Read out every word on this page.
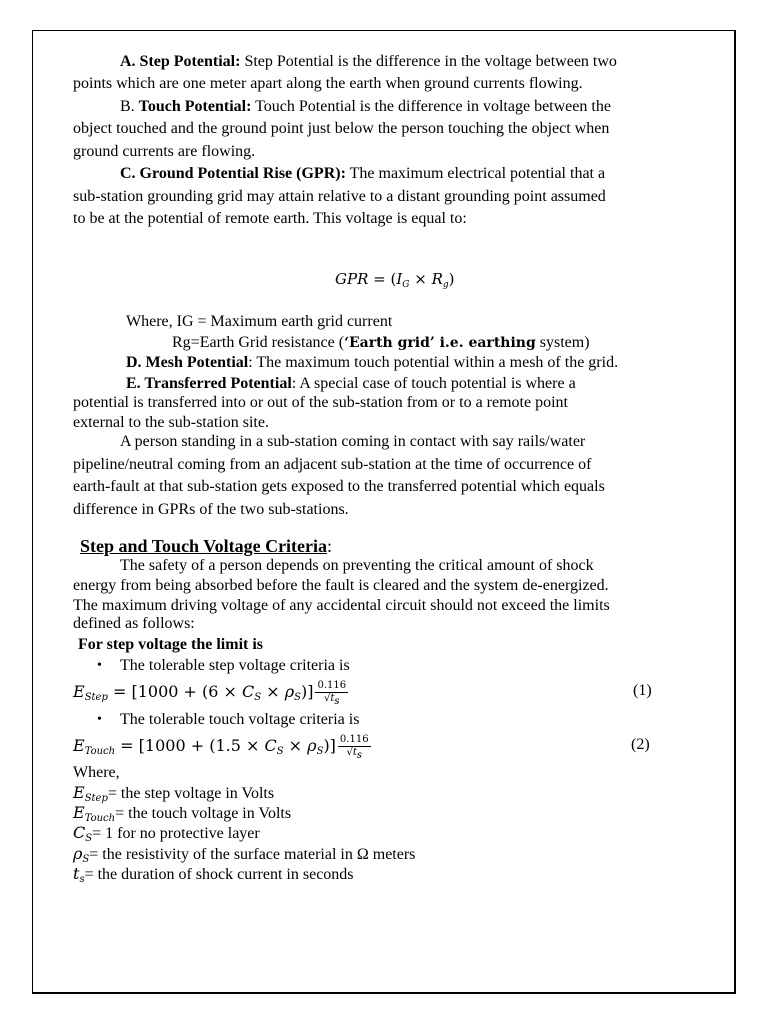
A. Step Potential: Step Potential is the difference in the voltage between two
points which are one meter apart along the earth when ground currents flowing.
B. Touch Potential: Touch Potential is the difference in voltage between the
object touched and the ground point just below the person touching the object when
ground currents are flowing.
C. Ground Potential Rise (GPR): The maximum electrical potential that a
sub-station grounding grid may attain relative to a distant grounding point assumed
to be at the potential of remote earth. This voltage is equal to:
GPR = $(I_G \times R_g)$
Where, IG = Maximum earth grid current
Rg=Earth Grid resistance (‘Earth grid’ i.e. earthing system)
D. Mesh Potential: The maximum touch potential within a mesh of the grid.
E. Transferred Potential: A special case of touch potential is where a
potential is transferred into or out of the sub-station from or to a remote point
external to the sub-station site.
A person standing in a sub-station coming in contact with say rails/water
pipeline/neutral coming from an adjacent sub-station at the time of occurrence of
earth-fault at that sub-station gets exposed to the transferred potential which equals
difference in GPRs of the two sub-stations.
Step and Touch Voltage Criteria:
The safety of a person depends on preventing the critical amount of shock
energy from being absorbed before the fault is cleared and the system de-energized.
The maximum driving voltage of any accidental circuit should not exceed the limits
defined as follows:
For step voltage the limit is
• The tolerable step voltage criteria is
$E_{Step} = [1000 + (6 \times C_S \times \rho_S)] \frac{0.116}{√t_s}$	(1)
• The tolerable touch voltage criteria is
$E_{Touch} = [1000 + (1.5 \times C_S \times \rho_S)] \frac{0.116}{√t_s}$	(2)
Where,
$E_{Step}=$ the step voltage in Volts
$E_{Touch}=$ the touch voltage in Volts
$C_S= 1$ for no protective layer
$\rho_S=$ the resistivity of the surface material in Ω meters
$t_s=$ the duration of shock current in seconds
